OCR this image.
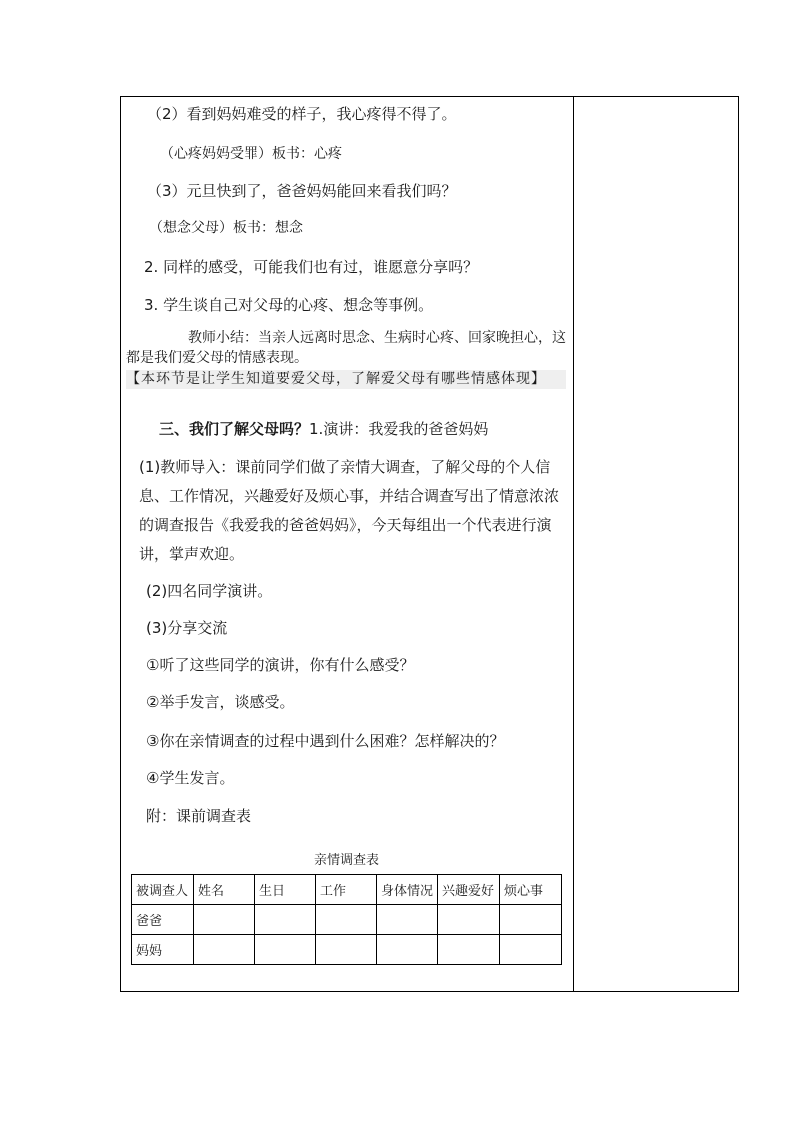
（2）看到妈妈难受的样子，我心疼得不得了。
（心疼妈妈受罪）板书：心疼
（3）元旦快到了，爸爸妈妈能回来看我们吗？
（想念父母）板书：想念
2. 同样的感受，可能我们也有过，谁愿意分享吗？
3. 学生谈自己对父母的心疼、想念等事例。
教师小结：当亲人远离时思念、生病时心疼、回家晚担心，这
都是我们爱父母的情感表现。
【本环节是让学生知道要爱父母，了解爱父母有哪些情感体现】
三、我们了解父母吗？1.演讲：我爱我的爸爸妈妈
(1)教师导入：课前同学们做了亲情大调查，了解父母的个人信息、工作情况，兴趣爱好及烦心事，并结合调查写出了情意浓浓的调查报告《我爱我的爸爸妈妈》，今天每组出一个代表进行演讲，掌声欢迎。
(2)四名同学演讲。
(3)分享交流
①听了这些同学的演讲，你有什么感受？
②举手发言，谈感受。
③你在亲情调查的过程中遇到什么困难？怎样解决的？
④学生发言。
附：课前调查表
亲情调查表
被调查人	姓名	生日	工作	身体情况	兴趣爱好	烦心事
爸爸						
妈妈						
